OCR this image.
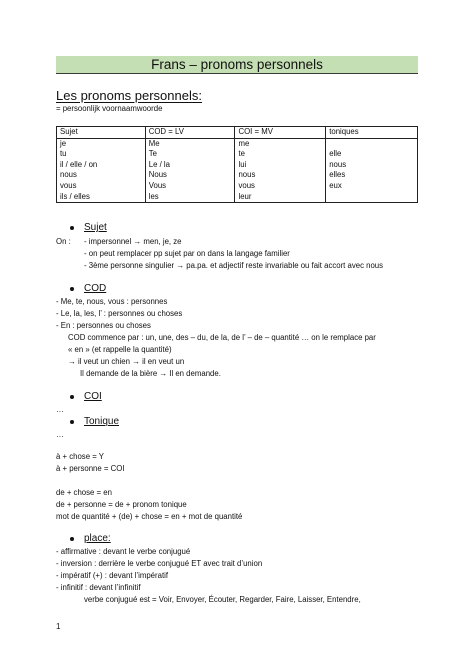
Frans – pronoms personnels
Les pronoms personnels:
= persoonlijk voornaamwoorde
Sujet	COD = LV	COI = MV	toniques
je	Me	me	
tu	Te	te	elle
il / elle / on	Le / la	lui	nous
nous	Nous	nous	elles
vous	Vous	vous	eux
ils / elles	les	leur	
Sujet
On : - impersonnel → men, je, ze
- on peut remplacer pp sujet par on dans la langage familier
- 3ème personne singulier → pa.pa. et adjectif reste invariable ou fait accort avec nous
COD
- Me, te, nous, vous : personnes
- Le, la, les, l’ : personnes ou choses
- En : personnes ou choses
COD commence par : un, une, des – du, de la, de l’ – de – quantité … on le remplace par
« en » (et rappelle la quantité)
→ il veut un chien → il en veut un
Il demande de la bière → Il en demande.
COI
…
Tonique
…
à + chose = Y
à + personne = COI
de + chose = en
de + personne = de + pronom tonique
mot de quantité + (de) + chose = en + mot de quantité
place:
- affirmative : devant le verbe conjugué
- inversion : derrière le verbe conjugué ET avec trait d’union
- impératif (+) : devant l’impératif
- infinitif : devant l’infinitif
verbe conjugué est = Voir, Envoyer, Écouter, Regarder, Faire, Laisser, Entendre,
1
